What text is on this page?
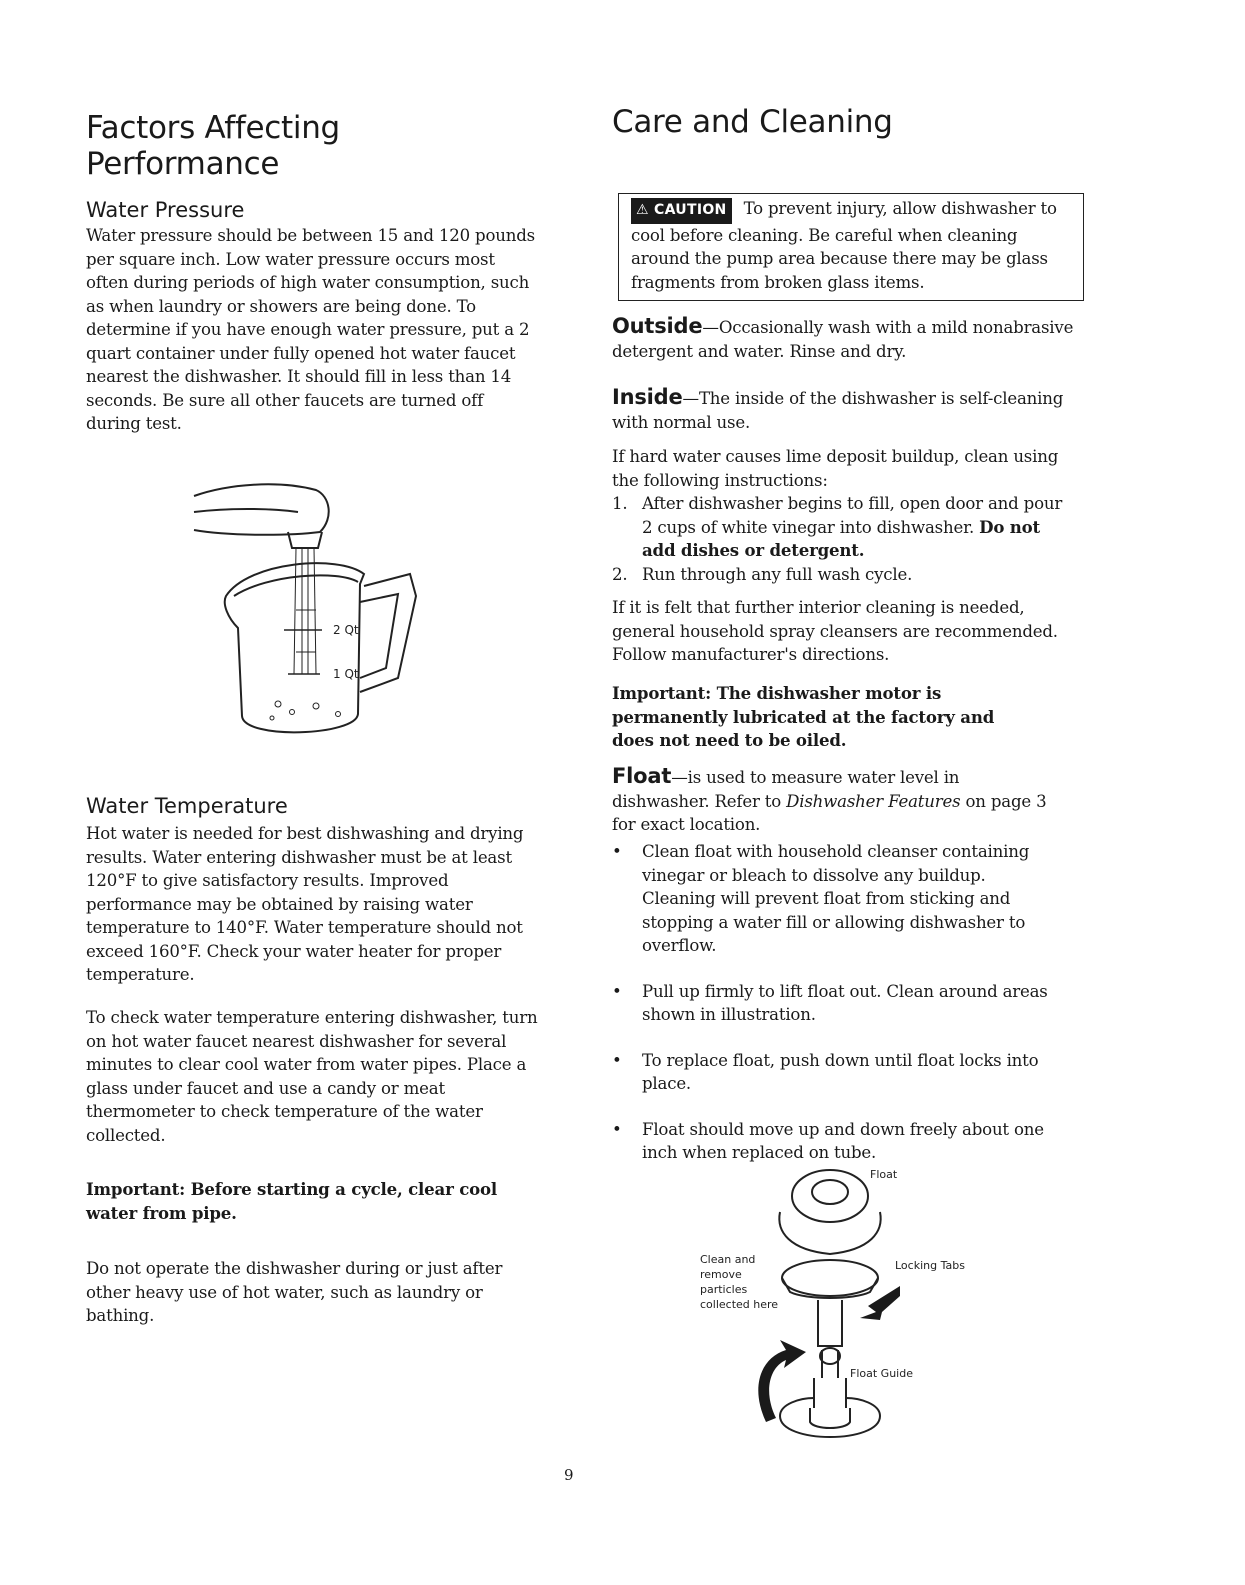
Factors Affecting
Performance
Water Pressure

Water pressure should be between 15 and 120 pounds per square inch. Low water pressure occurs most often during periods of high water consumption, such as when laundry or showers are being done. To determine if you have enough water pressure, put a 2 quart container under fully opened hot water faucet nearest the dishwasher. It should fill in less than 14 seconds. Be sure all other faucets are turned off during test.

2 Qt
1 Qt
Water Temperature

Hot water is needed for best dishwashing and drying results. Water entering dishwasher must be at least 120°F to give satisfactory results. Improved performance may be obtained by raising water temperature to 140°F. Water temperature should not exceed 160°F. Check your water heater for proper temperature.

To check water temperature entering dishwasher, turn on hot water faucet nearest dishwasher for several minutes to clear cool water from water pipes. Place a glass under faucet and use a candy or meat thermometer to check temperature of the water collected.

Important: Before starting a cycle, clear cool water from pipe.

Do not operate the dishwasher during or just after other heavy use of hot water, such as laundry or bathing.

Care and Cleaning

⚠ CAUTION To prevent injury, allow dishwasher to cool before cleaning. Be careful when cleaning around the pump area because there may be glass fragments from broken glass items.

Outside—Occasionally wash with a mild nonabrasive detergent and water. Rinse and dry.

Inside—The inside of the dishwasher is self-cleaning with normal use.

If hard water causes lime deposit buildup, clean using the following instructions:

1. After dishwasher begins to fill, open door and pour 2 cups of white vinegar into dishwasher. Do not add dishes or detergent.
2. Run through any full wash cycle.

If it is felt that further interior cleaning is needed, general household spray cleansers are recommended. Follow manufacturer's directions.

Important: The dishwasher motor is permanently lubricated at the factory and does not need to be oiled.

Float—is used to measure water level in dishwasher. Refer to Dishwasher Features on page 3 for exact location.

• Clean float with household cleanser containing vinegar or bleach to dissolve any buildup. Cleaning will prevent float from sticking and stopping a water fill or allowing dishwasher to overflow.
• Pull up firmly to lift float out. Clean around areas shown in illustration.
• To replace float, push down until float locks into place.
• Float should move up and down freely about one inch when replaced on tube.
Float
Clean and
remove
particles
collected here
Locking Tabs
Float Guide
9
